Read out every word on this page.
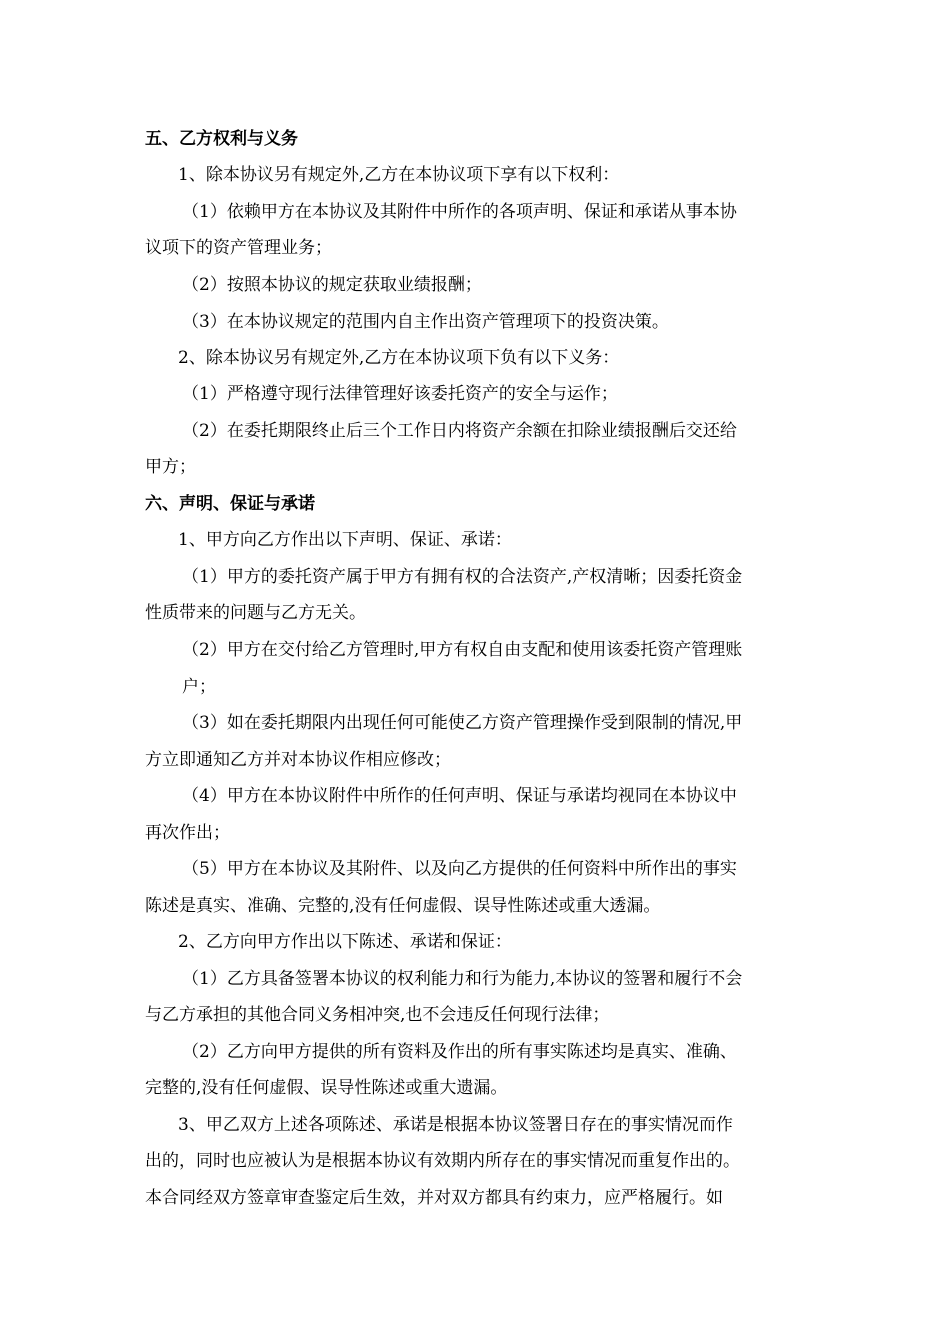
五、乙方权利与义务

1、除本协议另有规定外,乙方在本协议项下享有以下权利：

（1）依赖甲方在本协议及其附件中所作的各项声明、保证和承诺从事本协

议项下的资产管理业务；

（2）按照本协议的规定获取业绩报酬；

（3）在本协议规定的范围内自主作出资产管理项下的投资决策。

2、除本协议另有规定外,乙方在本协议项下负有以下义务：

（1）严格遵守现行法律管理好该委托资产的安全与运作；

（2）在委托期限终止后三个工作日内将资产余额在扣除业绩报酬后交还给

甲方；

六、声明、保证与承诺

1、甲方向乙方作出以下声明、保证、承诺：

（1）甲方的委托资产属于甲方有拥有权的合法资产,产权清晰；因委托资金

性质带来的问题与乙方无关。

（2）甲方在交付给乙方管理时,甲方有权自由支配和使用该委托资产管理账

户；

（3）如在委托期限内出现任何可能使乙方资产管理操作受到限制的情况,甲

方立即通知乙方并对本协议作相应修改；

（4）甲方在本协议附件中所作的任何声明、保证与承诺均视同在本协议中

再次作出；

（5）甲方在本协议及其附件、以及向乙方提供的任何资料中所作出的事实

陈述是真实、准确、完整的,没有任何虚假、误导性陈述或重大透漏。

2、乙方向甲方作出以下陈述、承诺和保证：

（1）乙方具备签署本协议的权利能力和行为能力,本协议的签署和履行不会

与乙方承担的其他合同义务相冲突,也不会违反任何现行法律；

（2）乙方向甲方提供的所有资料及作出的所有事实陈述均是真实、准确、

完整的,没有任何虚假、误导性陈述或重大遗漏。

3、甲乙双方上述各项陈述、承诺是根据本协议签署日存在的事实情况而作

出的，同时也应被认为是根据本协议有效期内所存在的事实情况而重复作出的。

本合同经双方签章审查鉴定后生效，并对双方都具有约束力，应严格履行。如
